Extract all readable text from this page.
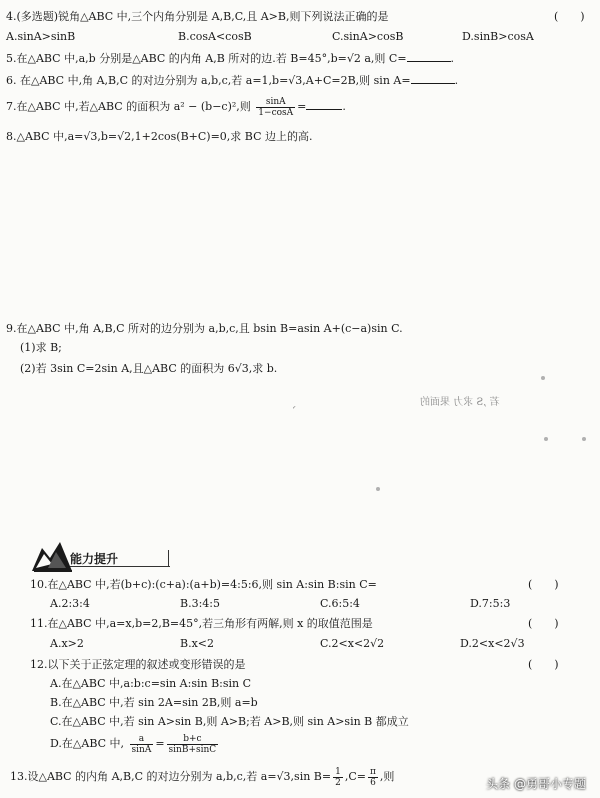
4.(多选题)锐角△ABC 中,三个内角分别是 A,B,C,且 A>B,则下列说法正确的是	(　　)
A.sinA>sinB	B.cosA<cosB	C.sinA>cosB	D.sinB>cosA
5.在△ABC 中,a,b 分别是△ABC 的内角 A,B 所对的边.若 B=45°,b=√2 a,则 C=	.
6. 在△ABC 中,角 A,B,C 的对边分别为 a,b,c,若 a=1,b=√3,A+C=2B,则 sin A=	.
7.在△ABC 中,若△ABC 的面积为 a² − (b−c)²,则 $\frac{\sin A}{1-\cos A}$ =	.
8.△ABC 中,a=√3,b=√2,1+2cos(B+C)=0,求 BC 边上的高.
9.在△ABC 中,角 A,B,C 所对的边分别为 a,b,c,且 bsin B=asin A+(c−a)sin C.
(1)求 B;
(2)若 3sin C=2sin A,且△ABC 的面积为 6√3,求 b.
若 ,S 求力 果面的
、
能力提升
10.在△ABC 中,若(b+c):(c+a):(a+b)=4:5:6,则 sin A:sin B:sin C=	(　　)
A.2:3:4	B.3:4:5	C.6:5:4	D.7:5:3
11.在△ABC 中,a=x,b=2,B=45°,若三角形有两解,则 x 的取值范围是	(　　)
A.x>2	B.x<2	C.2<x<2√2	D.2<x<2√3
12.以下关于正弦定理的叙述或变形错误的是	(　　)
A.在△ABC 中,a:b:c=sin A:sin B:sin C
B.在△ABC 中,若 sin 2A=sin 2B,则 a=b
C.在△ABC 中,若 sin A>sin B,则 A>B;若 A>B,则 sin A>sin B 都成立
D.在△ABC 中, $\frac{a}{\sin A} = \frac{b+c}{\sin B+\sin C}$
13.设△ABC 的内角 A,B,C 的对边分别为 a,b,c,若 a=√3,sin $B= \frac{1}{2} ,C= \frac{\pi}{6}$ ,则
头条 @勇哥小专题
